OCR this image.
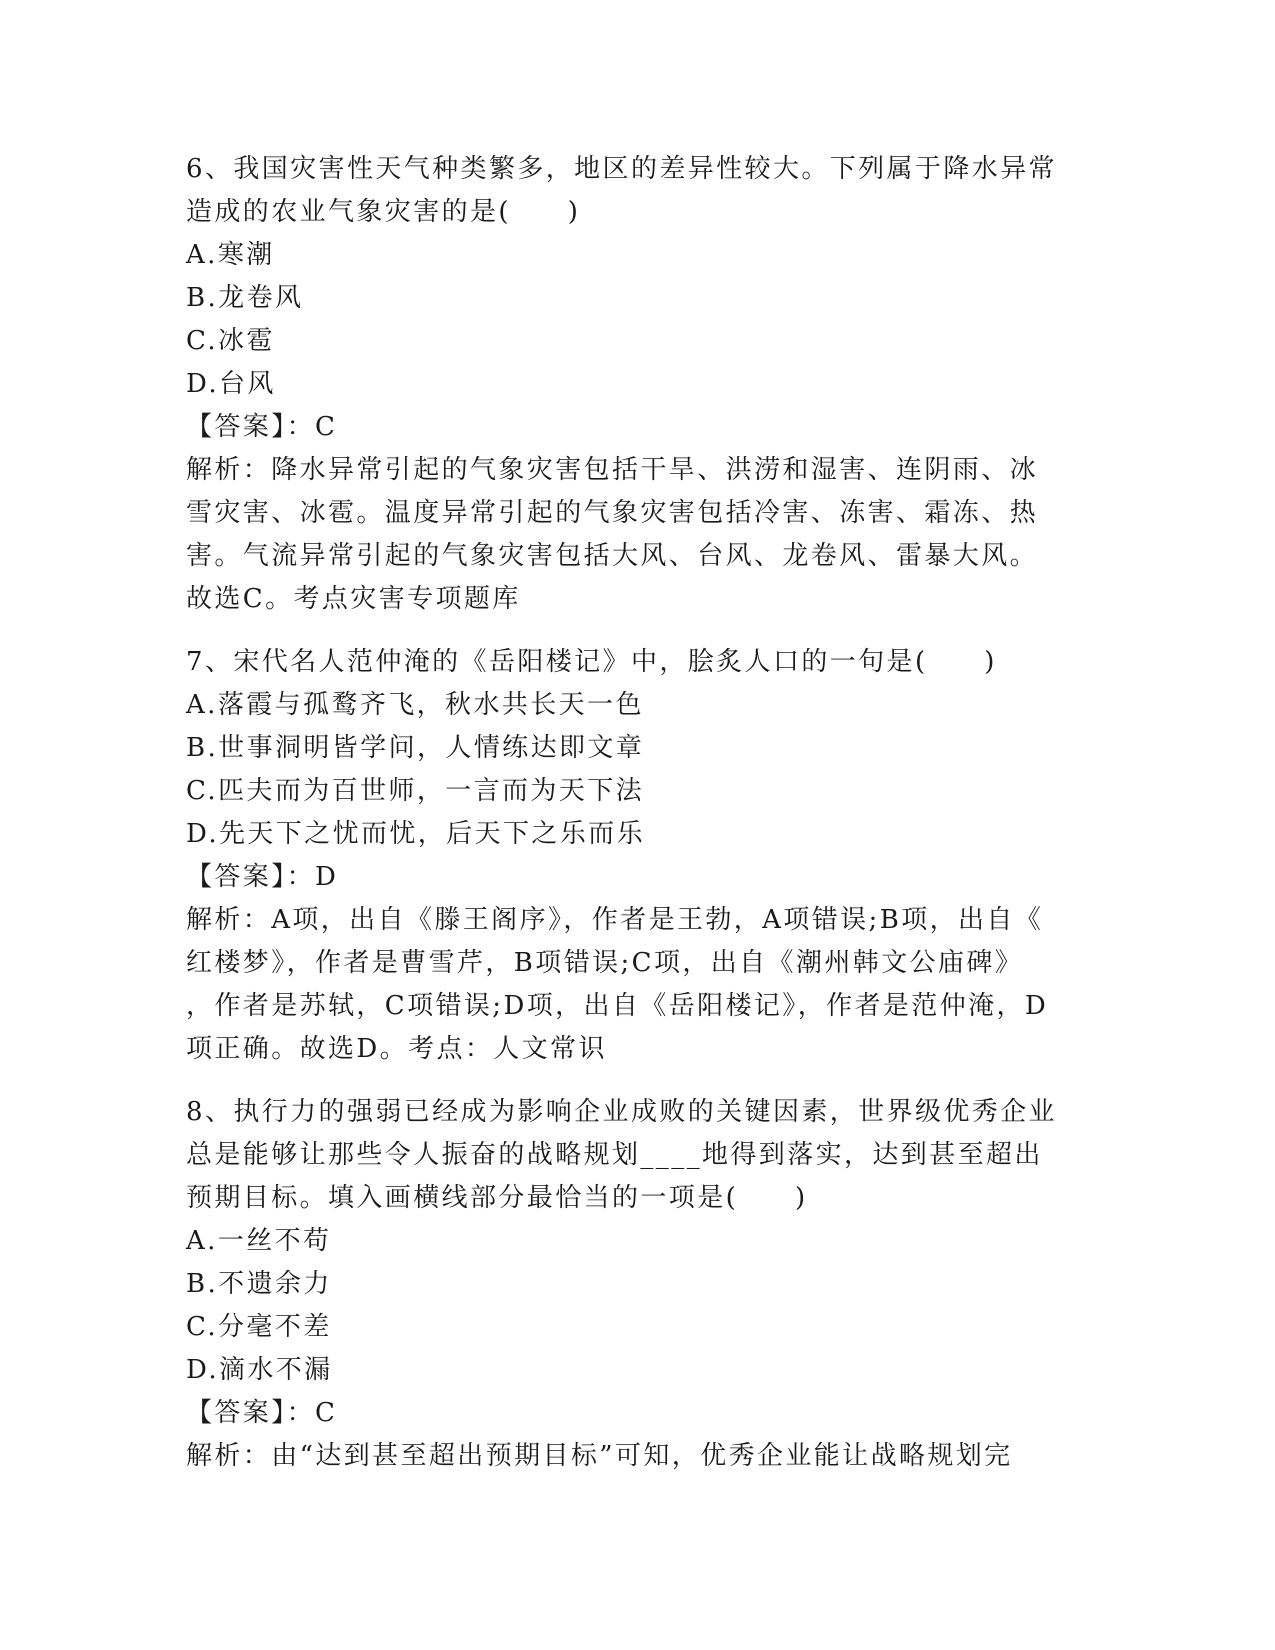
6、我国灾害性天气种类繁多，地区的差异性较大。下列属于降水异常
造成的农业气象灾害的是(　　)
A.寒潮
B.龙卷风
C.冰雹
D.台风
【答案】：C
解析：降水异常引起的气象灾害包括干旱、洪涝和湿害、连阴雨、冰
雪灾害、冰雹。温度异常引起的气象灾害包括冷害、冻害、霜冻、热
害。气流异常引起的气象灾害包括大风、台风、龙卷风、雷暴大风。
故选C。考点灾害专项题库
7、宋代名人范仲淹的《岳阳楼记》中，脍炙人口的一句是(　　)
A.落霞与孤鹜齐飞，秋水共长天一色
B.世事洞明皆学问，人情练达即文章
C.匹夫而为百世师，一言而为天下法
D.先天下之忧而忧，后天下之乐而乐
【答案】：D
解析：A项，出自《滕王阁序》，作者是王勃，A项错误;B项，出自《
红楼梦》，作者是曹雪芹，B项错误;C项，出自《潮州韩文公庙碑》
，作者是苏轼，C项错误;D项，出自《岳阳楼记》，作者是范仲淹，D
项正确。故选D。考点：人文常识
8、执行力的强弱已经成为影响企业成败的关键因素，世界级优秀企业
总是能够让那些令人振奋的战略规划____地得到落实，达到甚至超出
预期目标。填入画横线部分最恰当的一项是(　　)
A.一丝不苟
B.不遗余力
C.分毫不差
D.滴水不漏
【答案】：C
解析：由“达到甚至超出预期目标”可知，优秀企业能让战略规划完
